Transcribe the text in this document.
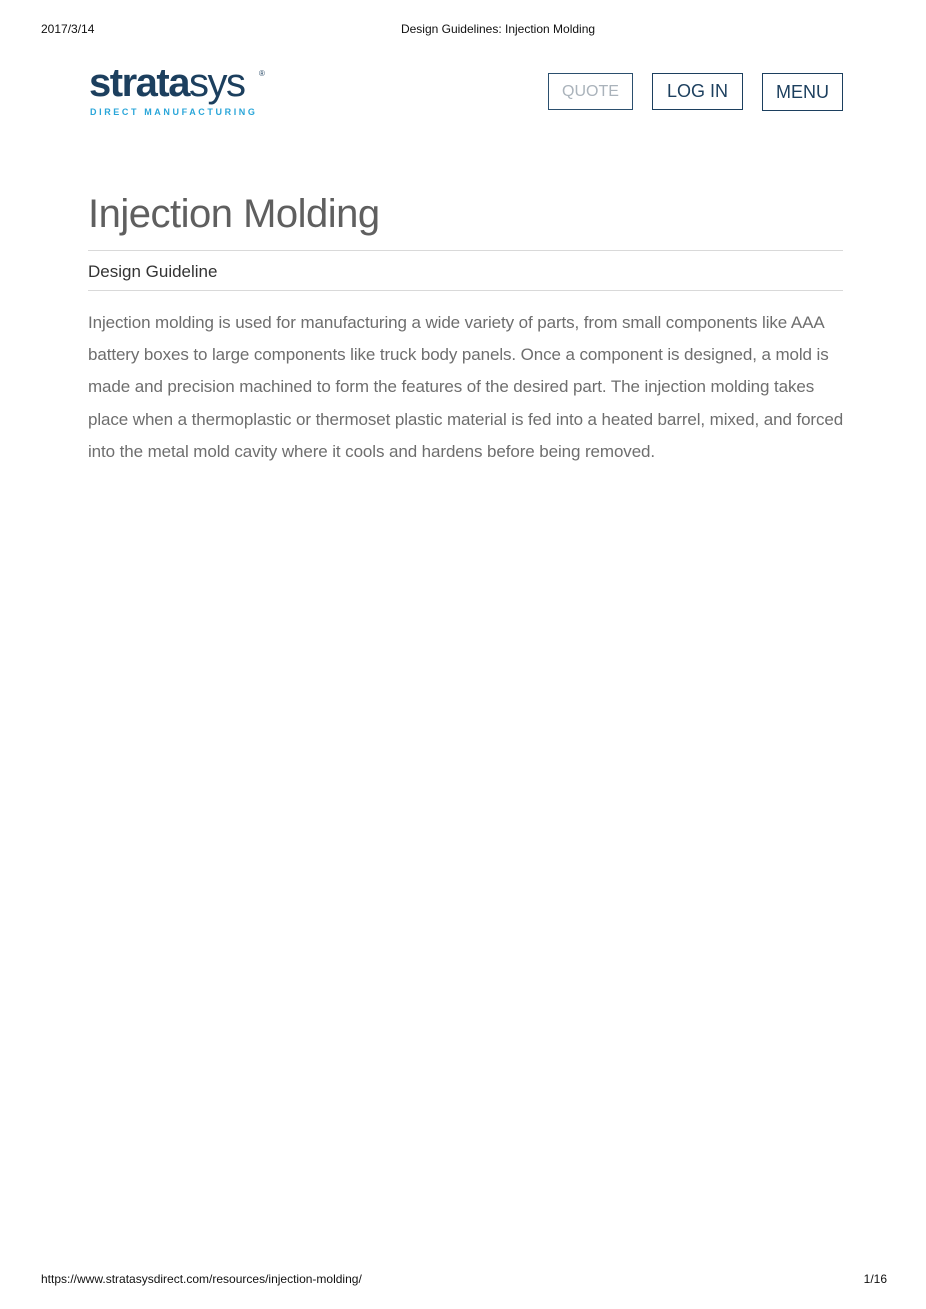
2017/3/14	Design Guidelines: Injection Molding
stratasys ®
DIRECT MANUFACTURING
QUOTE	LOG IN	MENU
Injection Molding
Design Guideline

Injection molding is used for manufacturing a wide variety of parts, from small components like AAA battery boxes to large components like truck body panels. Once a component is designed, a mold is made and precision machined to form the features of the desired part. The injection molding takes place when a thermoplastic or thermoset plastic material is fed into a heated barrel, mixed, and forced into the metal mold cavity where it cools and hardens before being removed.

https://www.stratasysdirect.com/resources/injection-molding/	1/16
